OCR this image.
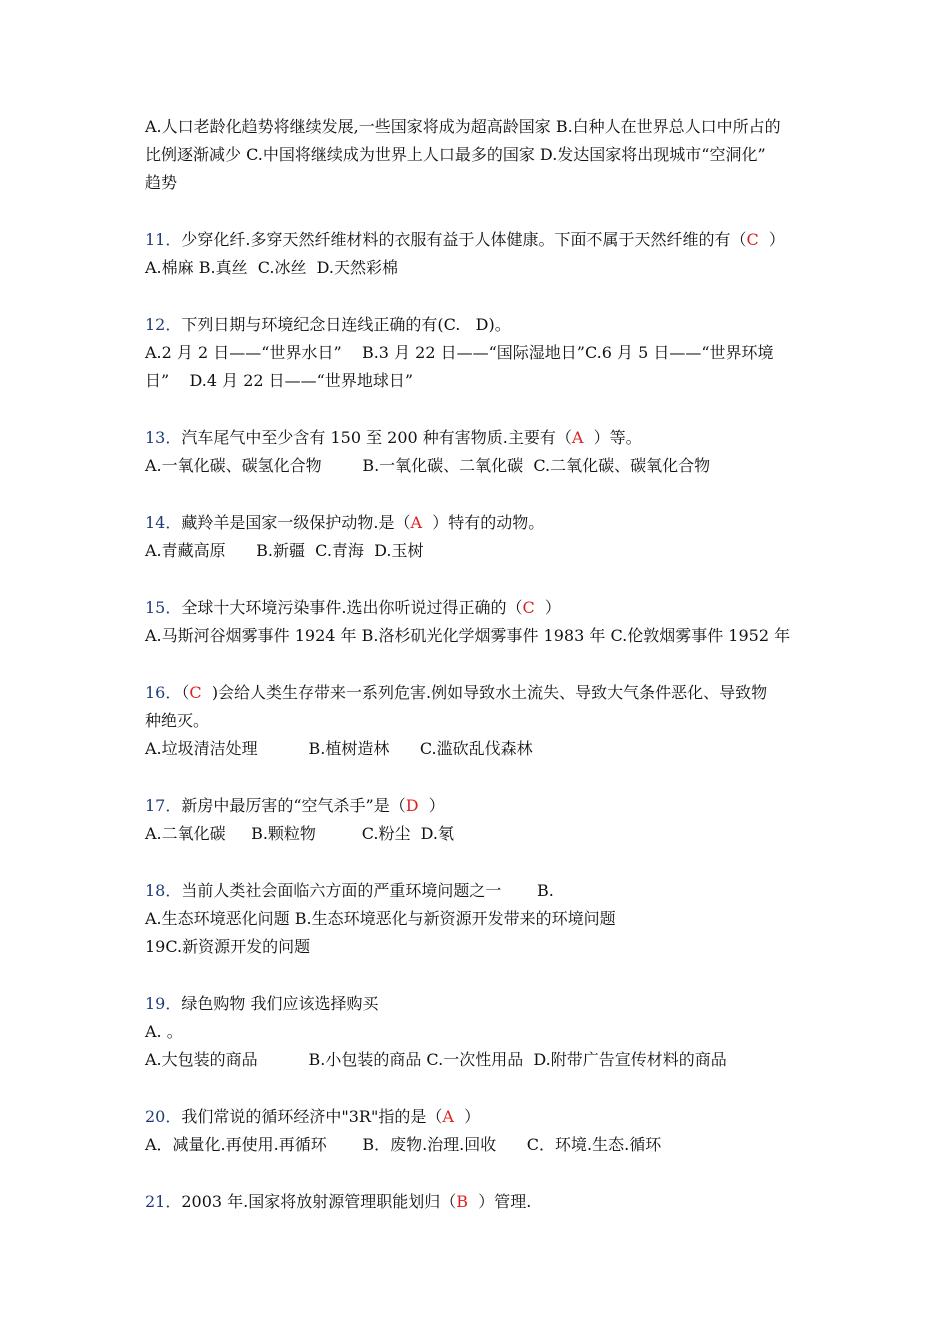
A.人口老龄化趋势将继续发展,一些国家将成为超高龄国家 B.白种人在世界总人口中所占的
比例逐渐减少 C.中国将继续成为世界上人口最多的国家 D.发达国家将出现城市“空洞化”
趋势
11．少穿化纤.多穿天然纤维材料的衣服有益于人体健康。下面不属于天然纤维的有（C  ）
A.棉麻 B.真丝  C.冰丝  D.天然彩棉
12．下列日期与环境纪念日连线正确的有(C.   D)。
A.2 月 2 日——“世界水日”    B.3 月 22 日——“国际湿地日”C.6 月 5 日——“世界环境
日”    D.4 月 22 日——“世界地球日”
13．汽车尾气中至少含有 150 至 200 种有害物质.主要有（A  ）等。
A.一氧化碳、碳氢化合物        B.一氧化碳、二氧化碳  C.二氧化碳、碳氧化合物
14．藏羚羊是国家一级保护动物.是（A  ）特有的动物。
A.青藏高原      B.新疆  C.青海  D.玉树
15．全球十大环境污染事件.选出你听说过得正确的（C  ）
A.马斯河谷烟雾事件 1924 年 B.洛杉矶光化学烟雾事件 1983 年 C.伦敦烟雾事件 1952 年
16．（C  )会给人类生存带来一系列危害.例如导致水土流失、导致大气条件恶化、导致物
种绝灭。
A.垃圾清洁处理          B.植树造林      C.滥砍乱伐森林
17．新房中最厉害的“空气杀手”是（D  ）
A.二氧化碳     B.颗粒物         C.粉尘  D.氡
18．当前人类社会面临六方面的严重环境问题之一       B.
A.生态环境恶化问题 B.生态环境恶化与新资源开发带来的环境问题
19C.新资源开发的问题
19．绿色购物 我们应该选择购买
A. 。
A.大包装的商品          B.小包装的商品 C.一次性用品  D.附带广告宣传材料的商品
20．我们常说的循环经济中"3R"指的是（A  ）
A．减量化.再使用.再循环       B．废物.治理.回收      C．环境.生态.循环
21．2003 年.国家将放射源管理职能划归（B  ）管理.
